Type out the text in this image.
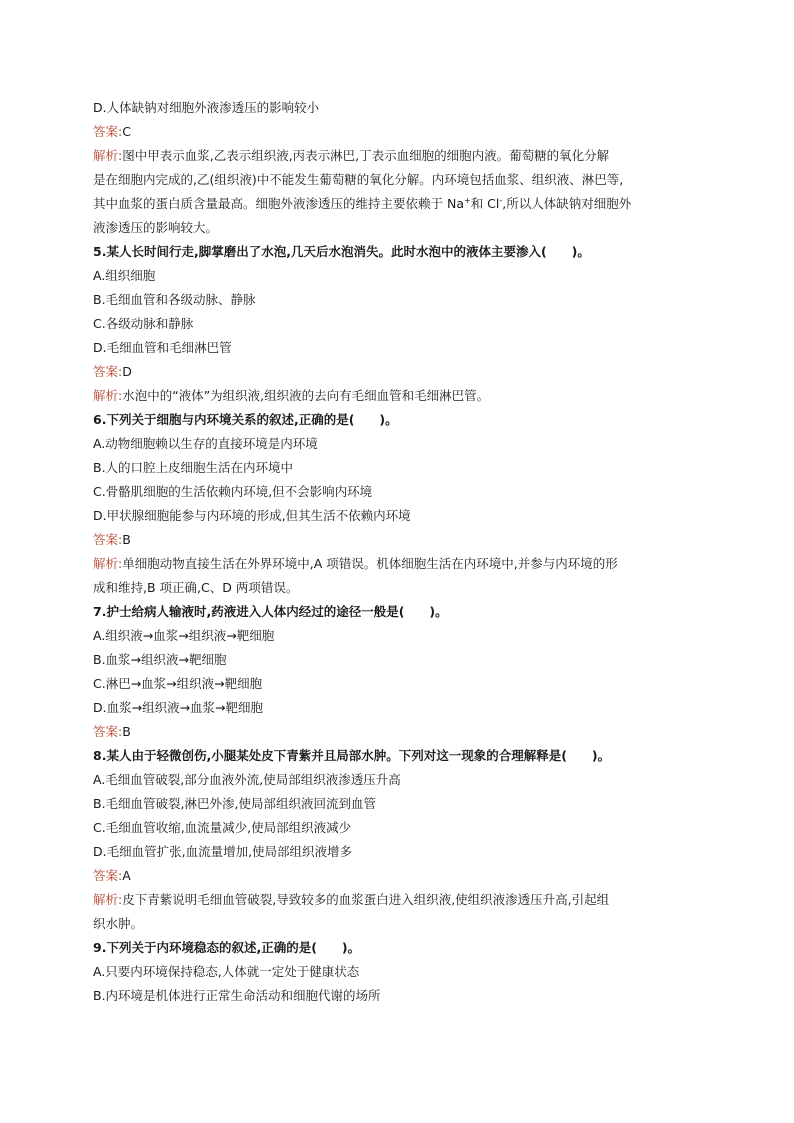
D.人体缺钠对细胞外液渗透压的影响较小
答案:C
解析:图中甲表示血浆,乙表示组织液,丙表示淋巴,丁表示血细胞的细胞内液。葡萄糖的氧化分解
是在细胞内完成的,乙(组织液)中不能发生葡萄糖的氧化分解。内环境包括血浆、组织液、淋巴等,
其中血浆的蛋白质含量最高。细胞外液渗透压的维持主要依赖于 Na+和 Cl-,所以人体缺钠对细胞外
液渗透压的影响较大。
5.某人长时间行走,脚掌磨出了水泡,几天后水泡消失。此时水泡中的液体主要渗入(　　)。
A.组织细胞
B.毛细血管和各级动脉、静脉
C.各级动脉和静脉
D.毛细血管和毛细淋巴管
答案:D
解析:水泡中的“液体”为组织液,组织液的去向有毛细血管和毛细淋巴管。
6.下列关于细胞与内环境关系的叙述,正确的是(　　)。
A.动物细胞赖以生存的直接环境是内环境
B.人的口腔上皮细胞生活在内环境中
C.骨骼肌细胞的生活依赖内环境,但不会影响内环境
D.甲状腺细胞能参与内环境的形成,但其生活不依赖内环境
答案:B
解析:单细胞动物直接生活在外界环境中,A 项错误。机体细胞生活在内环境中,并参与内环境的形
成和维持,B 项正确,C、D 两项错误。
7.护士给病人输液时,药液进入人体内经过的途径一般是(　　)。
A.组织液→血浆→组织液→靶细胞
B.血浆→组织液→靶细胞
C.淋巴→血浆→组织液→靶细胞
D.血浆→组织液→血浆→靶细胞
答案:B
8.某人由于轻微创伤,小腿某处皮下青紫并且局部水肿。下列对这一现象的合理解释是(　　)。
A.毛细血管破裂,部分血液外流,使局部组织液渗透压升高
B.毛细血管破裂,淋巴外渗,使局部组织液回流到血管
C.毛细血管收缩,血流量减少,使局部组织液减少
D.毛细血管扩张,血流量增加,使局部组织液增多
答案:A
解析:皮下青紫说明毛细血管破裂,导致较多的血浆蛋白进入组织液,使组织液渗透压升高,引起组
织水肿。
9.下列关于内环境稳态的叙述,正确的是(　　)。
A.只要内环境保持稳态,人体就一定处于健康状态
B.内环境是机体进行正常生命活动和细胞代谢的场所
